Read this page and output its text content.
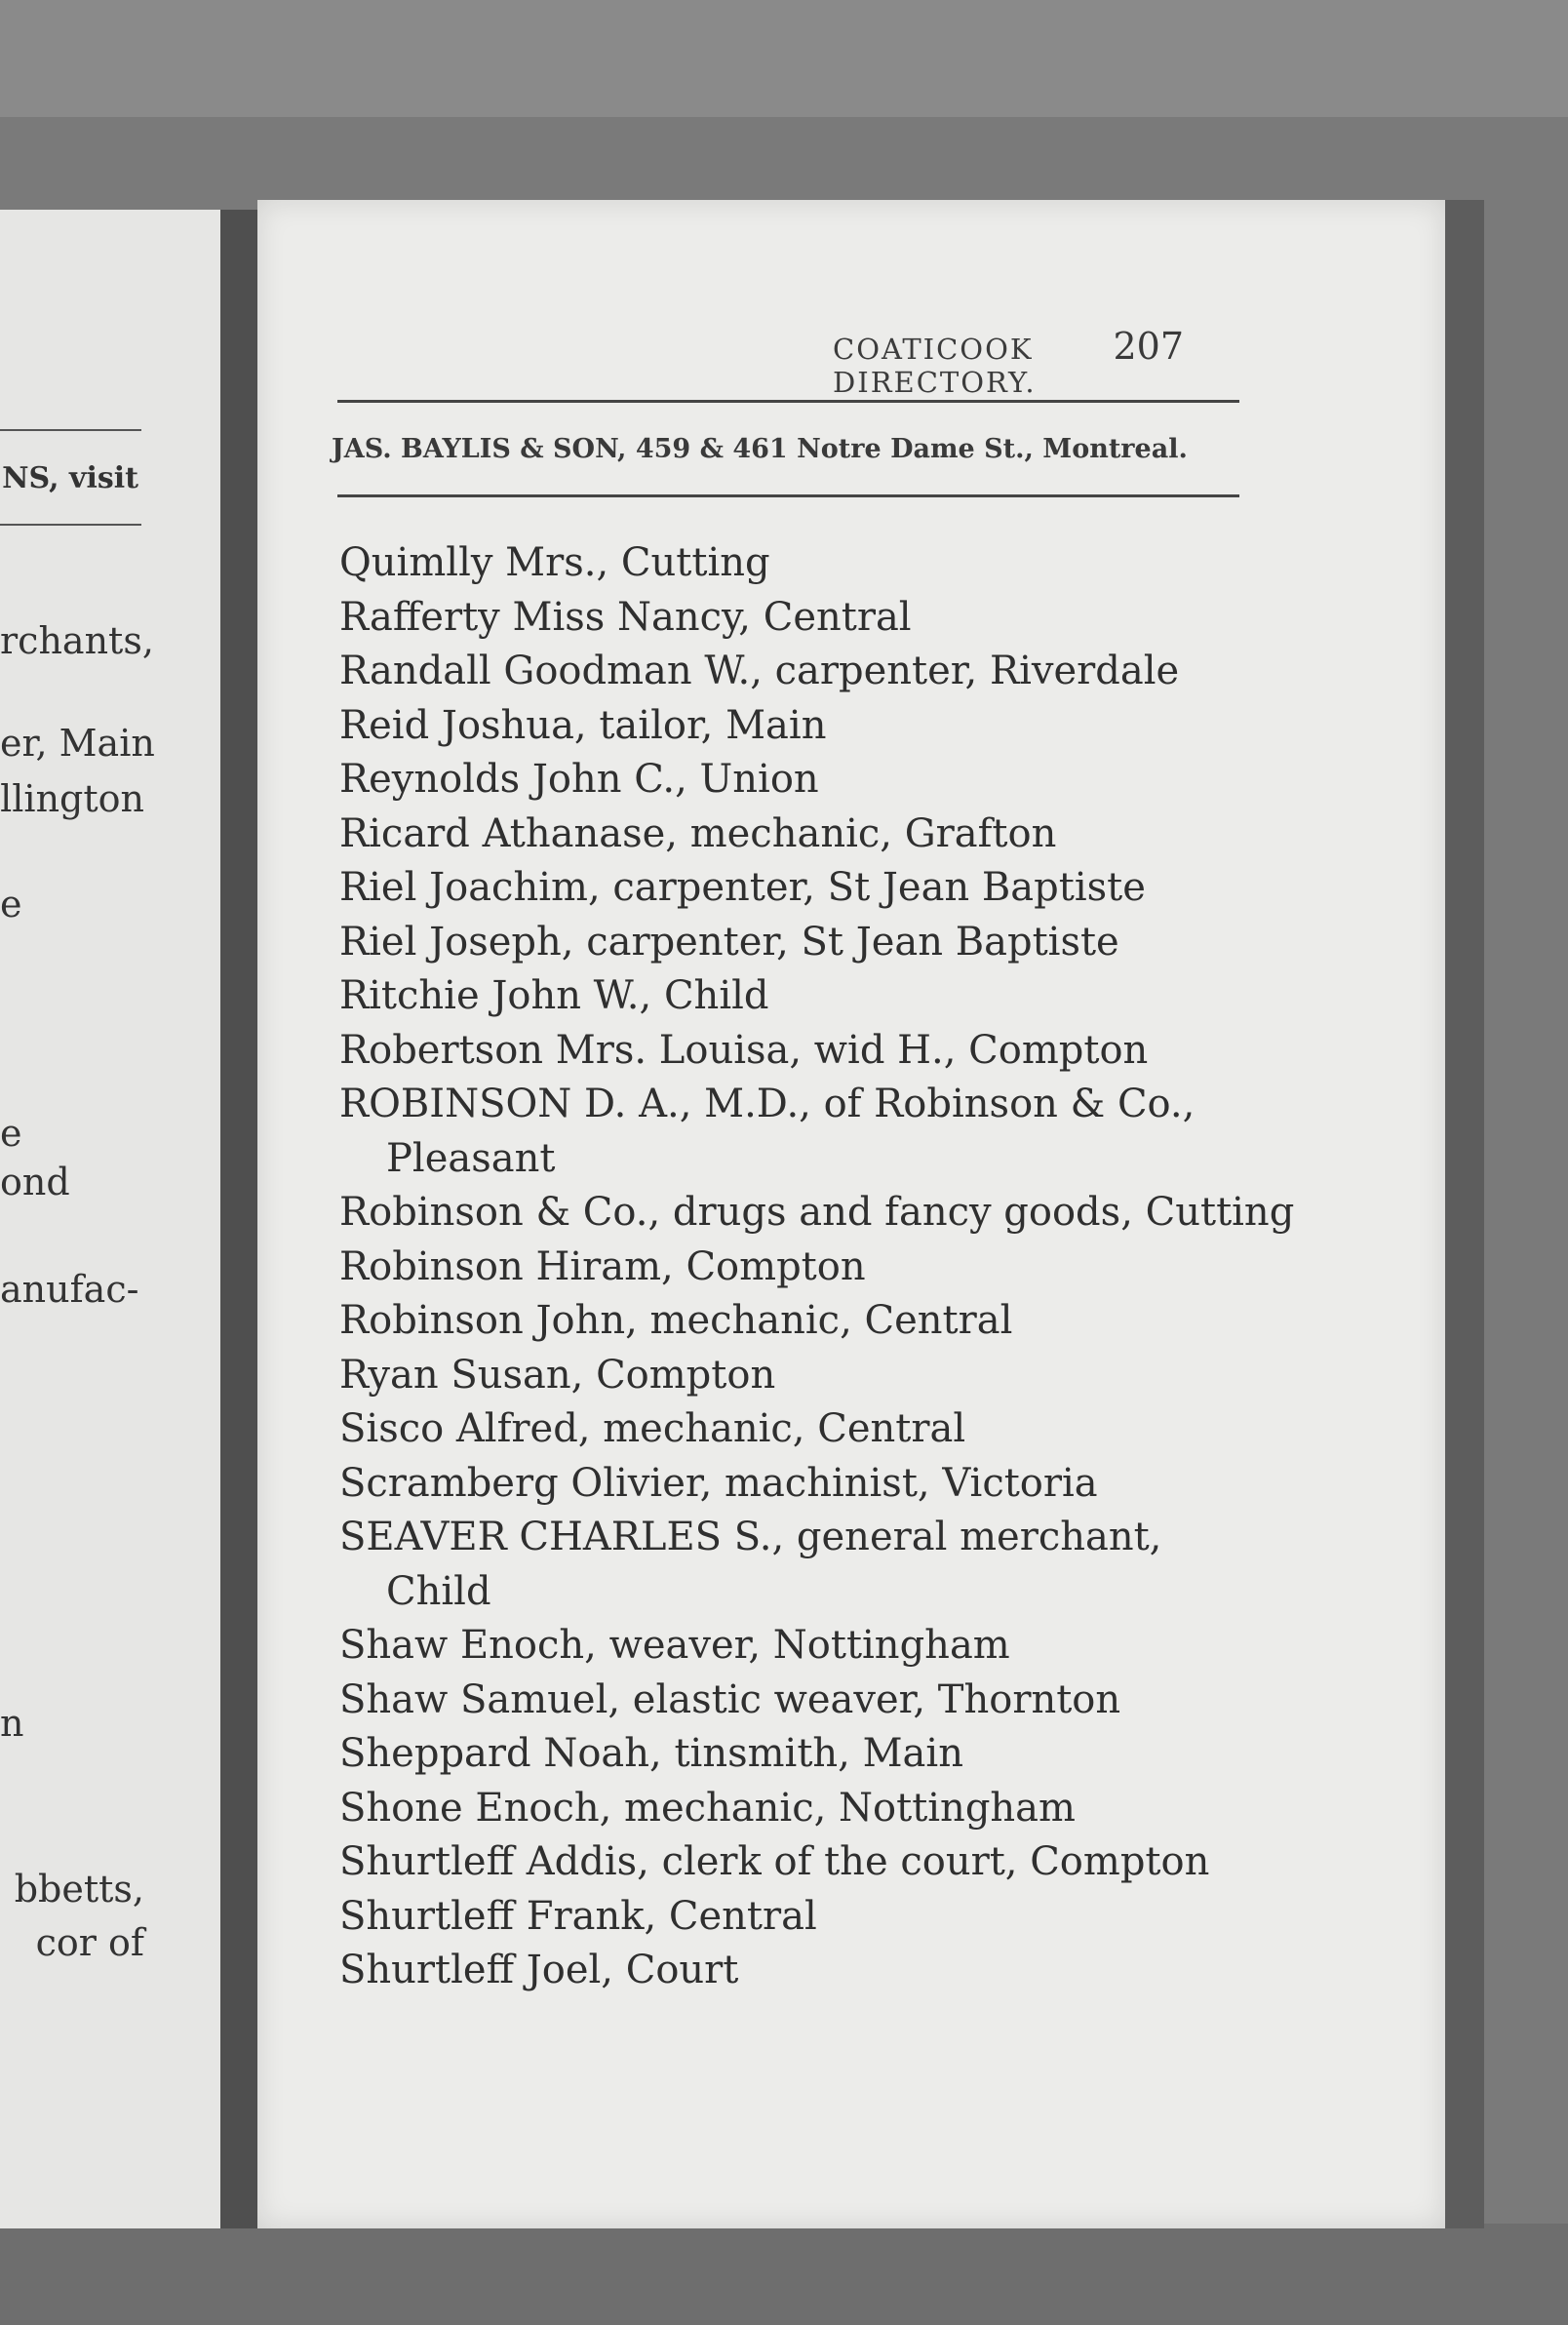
NS, visit
rchants,
er, Main
llington
e
e
ond
anufac-
n
bbetts,
cor of
COATICOOK DIRECTORY.
207
JAS. BAYLIS & SON, 459 & 461 Notre Dame St., Montreal.
Quimlly Mrs., Cutting
Rafferty Miss Nancy, Central
Randall Goodman W., carpenter, Riverdale
Reid Joshua, tailor, Main
Reynolds John C., Union
Ricard Athanase, mechanic, Grafton
Riel Joachim, carpenter, St Jean Baptiste
Riel Joseph, carpenter, St Jean Baptiste
Ritchie John W., Child
Robertson Mrs. Louisa, wid H., Compton
ROBINSON D. A., M.D., of Robinson & Co.,
Pleasant
Robinson & Co., drugs and fancy goods, Cutting
Robinson Hiram, Compton
Robinson John, mechanic, Central
Ryan Susan, Compton
Sisco Alfred, mechanic, Central
Scramberg Olivier, machinist, Victoria
SEAVER CHARLES S., general merchant,
Child
Shaw Enoch, weaver, Nottingham
Shaw Samuel, elastic weaver, Thornton
Sheppard Noah, tinsmith, Main
Shone Enoch, mechanic, Nottingham
Shurtleff Addis, clerk of the court, Compton
Shurtleff Frank, Central
Shurtleff Joel, Court
